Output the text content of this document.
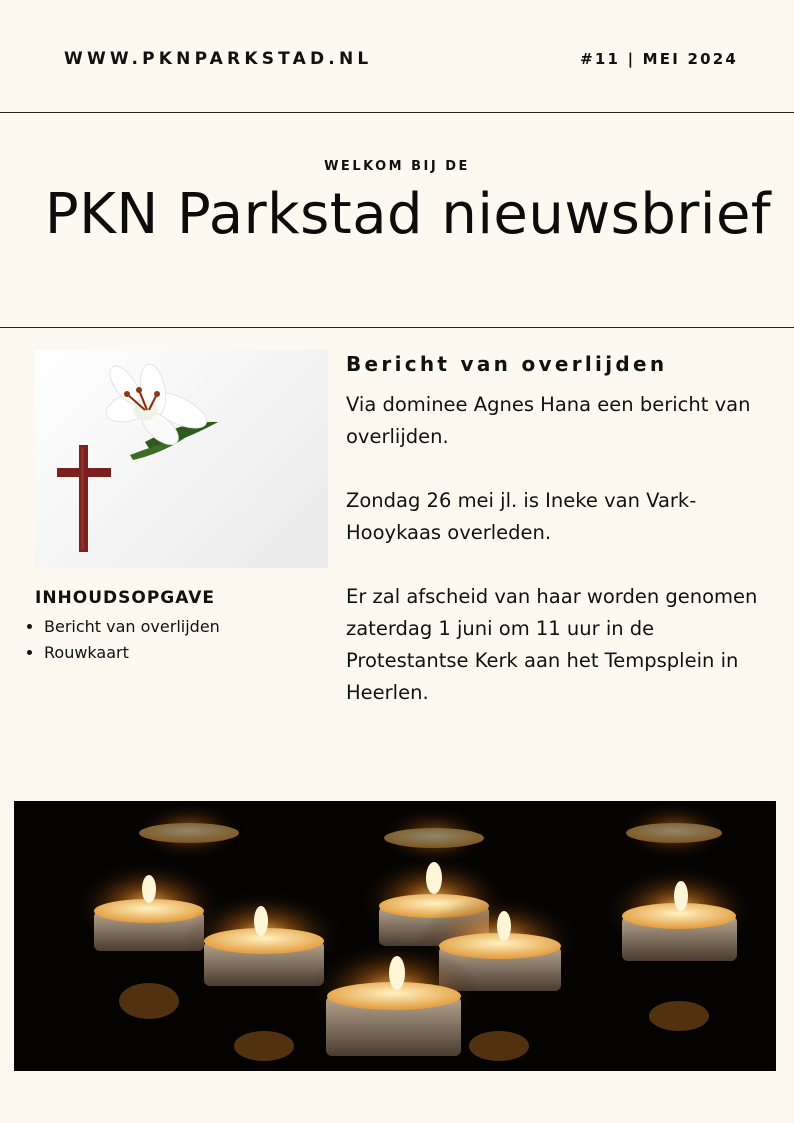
WWW.PKNPARKSTAD.NL	#11 | MEI 2024
WELKOM BIJ DE
PKN Parkstad nieuwsbrief
INHOUDSOPGAVE
• Bericht van overlijden
• Rouwkaart
Bericht van overlijden

Via dominee Agnes Hana een bericht van overlijden.

Zondag 26 mei jl. is Ineke van Vark-Hooykaas overleden.

Er zal afscheid van haar worden genomen zaterdag 1 juni om 11 uur in de Protestantse Kerk aan het Tempsplein in Heerlen.
